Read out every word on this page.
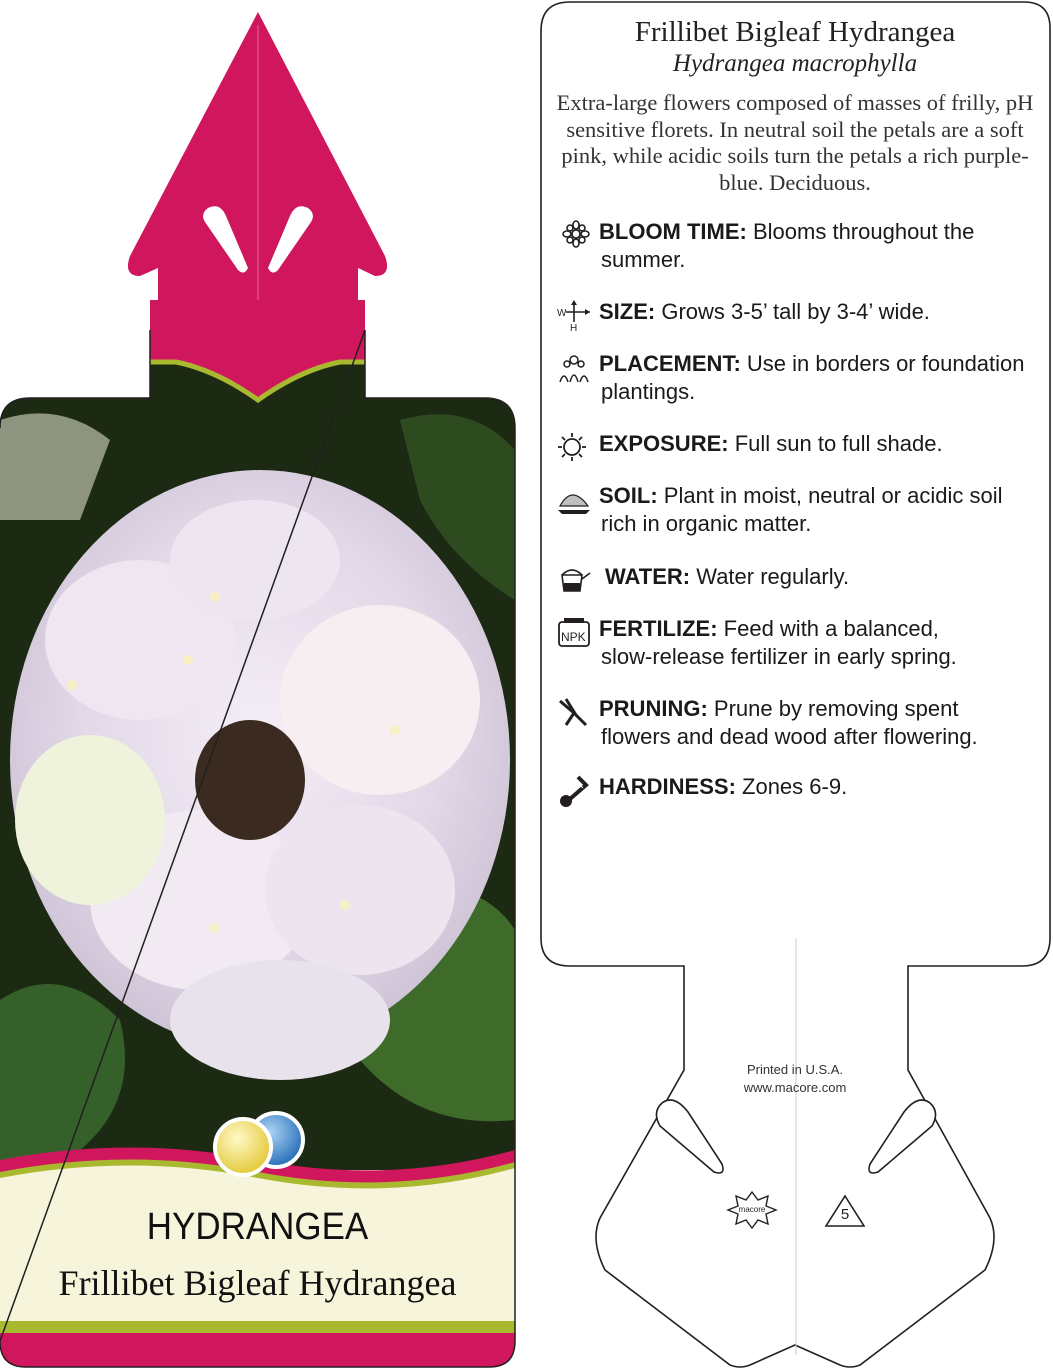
HYDRANGEA
Frillibet Bigleaf Hydrangea
Frillibet Bigleaf Hydrangea
Hydrangea macrophylla
Extra-large flowers composed of masses of frilly, pH sensitive florets. In neutral soil the petals are a soft pink, while acidic soils turn the petals a rich purple-blue. Deciduous.
BLOOM TIME: Blooms throughout the
summer.
W
H
SIZE: Grows 3-5’ tall by 3-4’ wide.
PLACEMENT: Use in borders or foundation
plantings.
EXPOSURE: Full sun to full shade.
SOIL: Plant in moist, neutral or acidic soil
rich in organic matter.
WATER: Water regularly.
NPK FERTILIZE: Feed with a balanced,
slow-release fertilizer in early spring.
PRUNING: Prune by removing spent
flowers and dead wood after flowering.
HARDINESS: Zones 6-9.
Printed in U.S.A.
www.macore.com
macore	5
